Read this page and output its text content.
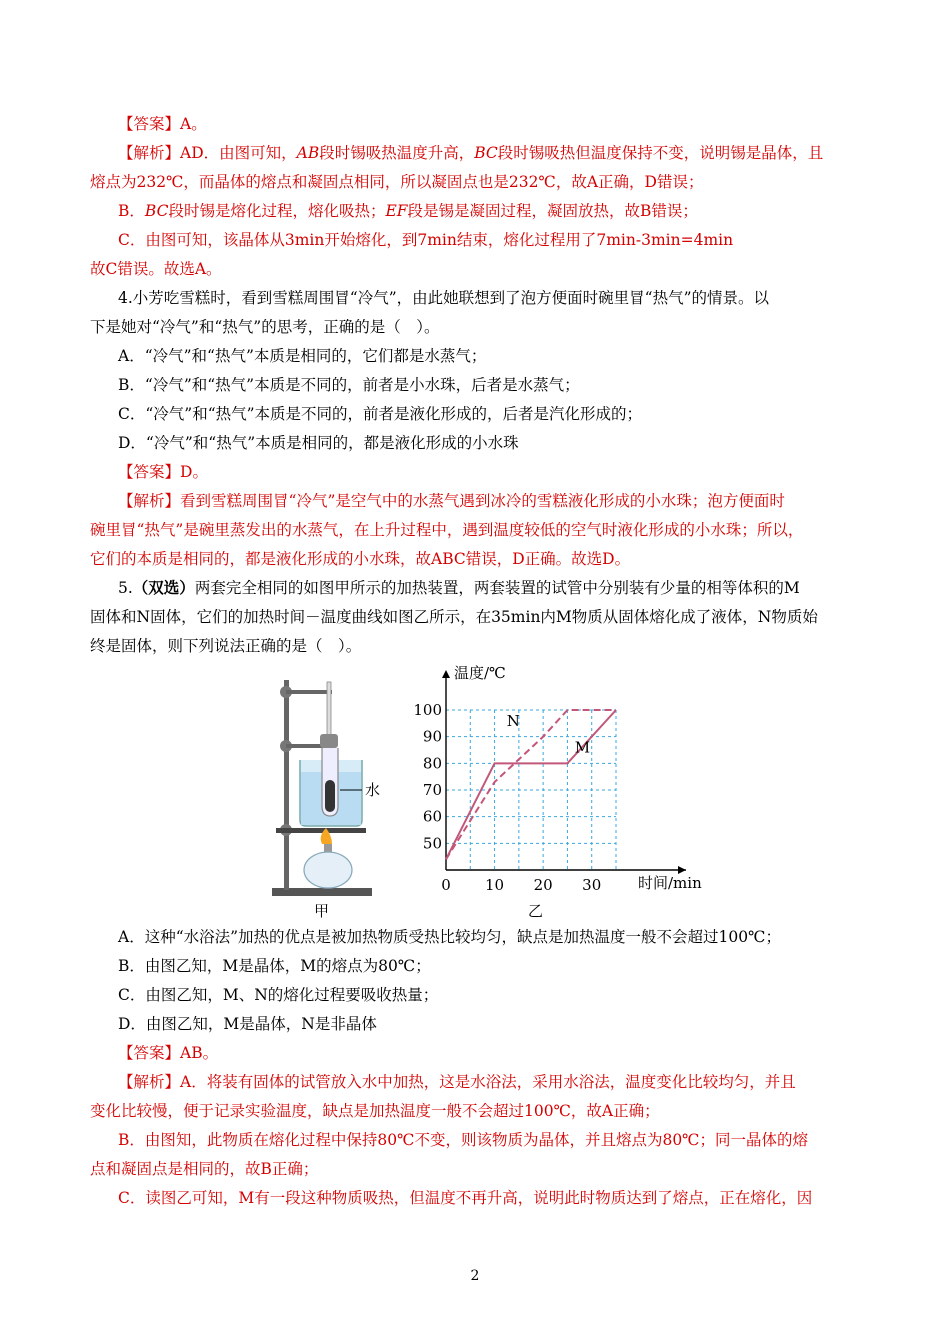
【答案】A。
【解析】AD．由图可知，AB段时锡吸热温度升高，BC段时锡吸热但温度保持不变，说明锡是晶体，且
熔点为232℃，而晶体的熔点和凝固点相同，所以凝固点也是232℃，故A正确，D错误；
B．BC段时锡是熔化过程，熔化吸热；EF段是锡是凝固过程，凝固放热，故B错误；
C．由图可知，该晶体从3min开始熔化，到7min结束，熔化过程用了7min-3min=4min
故C错误。故选A。
4.小芳吃雪糕时，看到雪糕周围冒“冷气”，由此她联想到了泡方便面时碗里冒“热气”的情景。以
下是她对“冷气”和“热气”的思考，正确的是（　）。
A．“冷气”和“热气”本质是相同的，它们都是水蒸气；
B．“冷气”和“热气”本质是不同的，前者是小水珠，后者是水蒸气；
C．“冷气”和“热气”本质是不同的，前者是液化形成的，后者是汽化形成的；
D．“冷气”和“热气”本质是相同的，都是液化形成的小水珠
【答案】D。
【解析】看到雪糕周围冒“冷气”是空气中的水蒸气遇到冰冷的雪糕液化形成的小水珠；泡方便面时
碗里冒“热气”是碗里蒸发出的水蒸气，在上升过程中，遇到温度较低的空气时液化形成的小水珠；所以，
它们的本质是相同的，都是液化形成的小水珠，故ABC错误，D正确。故选D。
5.（双选）两套完全相同的如图甲所示的加热装置，两套装置的试管中分别装有少量的相等体积的M
固体和N固体，它们的加热时间－温度曲线如图乙所示，在35min内M物质从固体熔化成了液体，N物质始
终是固体，则下列说法正确的是（　）。
水
甲
温度/℃
时间/min
乙
0 10 20 30
50
60
70
80
90
100
N
M
A．这种“水浴法”加热的优点是被加热物质受热比较均匀，缺点是加热温度一般不会超过100℃；
B．由图乙知，M是晶体，M的熔点为80℃；
C．由图乙知，M、N的熔化过程要吸收热量；
D．由图乙知，M是晶体，N是非晶体
【答案】AB。
【解析】A．将装有固体的试管放入水中加热，这是水浴法，采用水浴法，温度变化比较均匀，并且
变化比较慢，便于记录实验温度，缺点是加热温度一般不会超过100℃，故A正确；
B．由图知，此物质在熔化过程中保持80℃不变，则该物质为晶体，并且熔点为80℃；同一晶体的熔
点和凝固点是相同的，故B正确；
C．读图乙可知，M有一段这种物质吸热，但温度不再升高，说明此时物质达到了熔点，正在熔化，因
2
